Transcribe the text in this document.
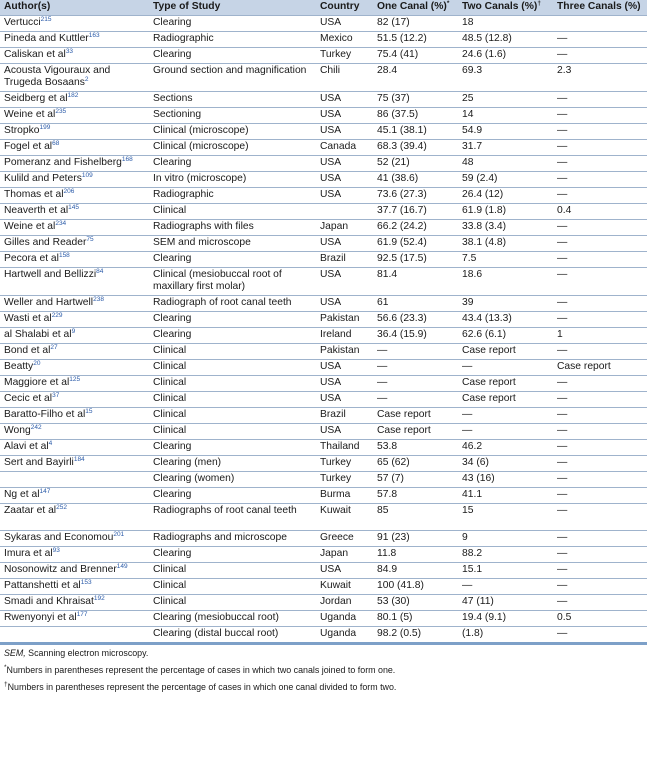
Author(s)	Type of Study	Country	One Canal (%)*	Two Canals (%)†	Three Canals (%)
Vertucci$^{215}$	Clearing	USA	82 (17)	18	
Pineda and Kuttler$^{163}$	Radiographic	Mexico	51.5 (12.2)	48.5 (12.8)	—
Caliskan et $al^{33}$	Clearing	Turkey	75.4 (41)	24.6 (1.6)	—
Acousta Vigouraux and Trugeda Bosaans$^2$	Ground section and magnification	Chili	28.4	69.3	2.3
Seidberg et $al^{182}$	Sections	USA	75 (37)	25	—
Weine et $al^{235}$	Sectioning	USA	86 (37.5)	14	—
Stropko$^{199}$	Clinical (microscope)	USA	45.1 (38.1)	54.9	—
Fogel et $al^{68}$	Clinical (microscope)	Canada	68.3 (39.4)	31.7	—
Pomeranz and Fishelberg$^{168}$	Clearing	USA	52 (21)	48	—
Kulild and Peters$^{109}$	In vitro (microscope)	USA	41 (38.6)	59 (2.4)	—
Thomas et $al^{206}$	Radiographic	USA	73.6 (27.3)	26.4 (12)	—
Neaverth et $al^{145}$	Clinical		37.7 (16.7)	61.9 (1.8)	0.4
Weine et $al^{234}$	Radiographs with files	Japan	66.2 (24.2)	33.8 (3.4)	—
Gilles and Reader$^{75}$	SEM and microscope	USA	61.9 (52.4)	38.1 (4.8)	—
Pecora et $al^{158}$	Clearing	Brazil	92.5 (17.5)	7.5	—
Hartwell and Bellizzi$^{84}$	Clinical (mesiobuccal root of maxillary first molar)	USA	81.4	18.6	—
Weller and Hartwell$^{238}$	Radiograph of root canal teeth	USA	61	39	—
Wasti et $al^{229}$	Clearing	Pakistan	56.6 (23.3)	43.4 (13.3)	—
al Shalabi et $al^9$	Clearing	Ireland	36.4 (15.9)	62.6 (6.1)	1
Bond et $al^{27}$	Clinical	Pakistan	—	Case report	—
Beatty$^{20}$	Clinical	USA	—	—	Case report
Maggiore et $al^{125}$	Clinical	USA	—	Case report	—
Cecic et $al^{37}$	Clinical	USA	—	Case report	—
Baratto-Filho et $al^{15}$	Clinical	Brazil	Case report	—	—
Wong$^{242}$	Clinical	USA	Case report	—	—
Alavi et $al^4$	Clearing	Thailand	53.8	46.2	—
Sert and Bayirli$^{184}$	Clearing (men)	Turkey	65 (62)	34 (6)	—
	Clearing (women)	Turkey	57 (7)	43 (16)	—
Ng et $al^{147}$	Clearing	Burma	57.8	41.1	—
Zaatar et $al^{252}$	Radiographs of root canal teeth	Kuwait	85	15	—
Sykaras and Economou$^{201}$	Radiographs and microscope	Greece	91 (23)	9	—
Imura et $al^{93}$	Clearing	Japan	11.8	88.2	—
Nosonowitz and Brenner$^{149}$	Clinical	USA	84.9	15.1	—
Pattanshetti et $al^{153}$	Clinical	Kuwait	100 (41.8)	—	—
Smadi and Khraisat$^{192}$	Clinical	Jordan	53 (30)	47 (11)	—
Rwenyonyi et $al^{177}$	Clearing (mesiobuccal root)	Uganda	80.1 (5)	19.4 (9.1)	0.5
	Clearing (distal buccal root)	Uganda	98.2 (0.5)	(1.8)	—
SEM, Scanning electron microscopy.
*Numbers in parentheses represent the percentage of cases in which two canals joined to form one.
†Numbers in parentheses represent the percentage of cases in which one canal divided to form two.
